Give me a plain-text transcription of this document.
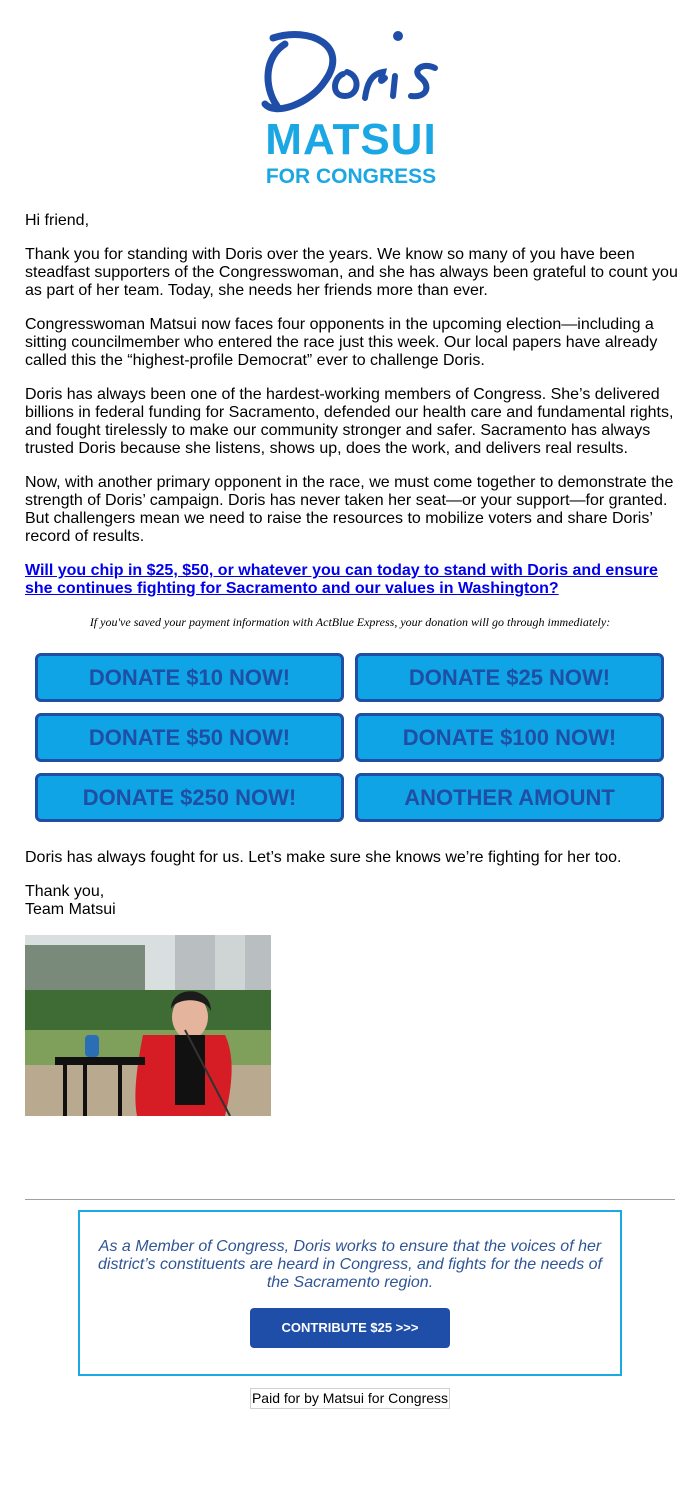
MATSUI
FOR CONGRESS

Hi friend,

Thank you for standing with Doris over the years. We know so many of you have been steadfast supporters of the Congresswoman, and she has always been grateful to count you as part of her team. Today, she needs her friends more than ever.

Congresswoman Matsui now faces four opponents in the upcoming election—including a sitting councilmember who entered the race just this week. Our local papers have already called this the “highest-profile Democrat” ever to challenge Doris.

Doris has always been one of the hardest-working members of Congress. She’s delivered billions in federal funding for Sacramento, defended our health care and fundamental rights, and fought tirelessly to make our community stronger and safer. Sacramento has always trusted Doris because she listens, shows up, does the work, and delivers real results.

Now, with another primary opponent in the race, we must come together to demonstrate the strength of Doris’ campaign. Doris has never taken her seat—or your support—for granted. But challengers mean we need to raise the resources to mobilize voters and share Doris’ record of results.

Will you chip in $25, $50, or whatever you can today to stand with Doris and ensure she continues fighting for Sacramento and our values in Washington?
If you've saved your payment information with ActBlue Express, your donation will go through immediately:
DONATE $10 NOW!	DONATE $25 NOW!
DONATE $50 NOW!	DONATE $100 NOW!
DONATE $250 NOW!	ANOTHER AMOUNT
Doris has always fought for us. Let’s make sure she knows we’re fighting for her too.
Thank you,
Team Matsui
As a Member of Congress, Doris works to ensure that the voices of her district’s constituents are heard in Congress, and fights for the needs of the Sacramento region.
CONTRIBUTE $25 >>>
Paid for by Matsui for Congress
